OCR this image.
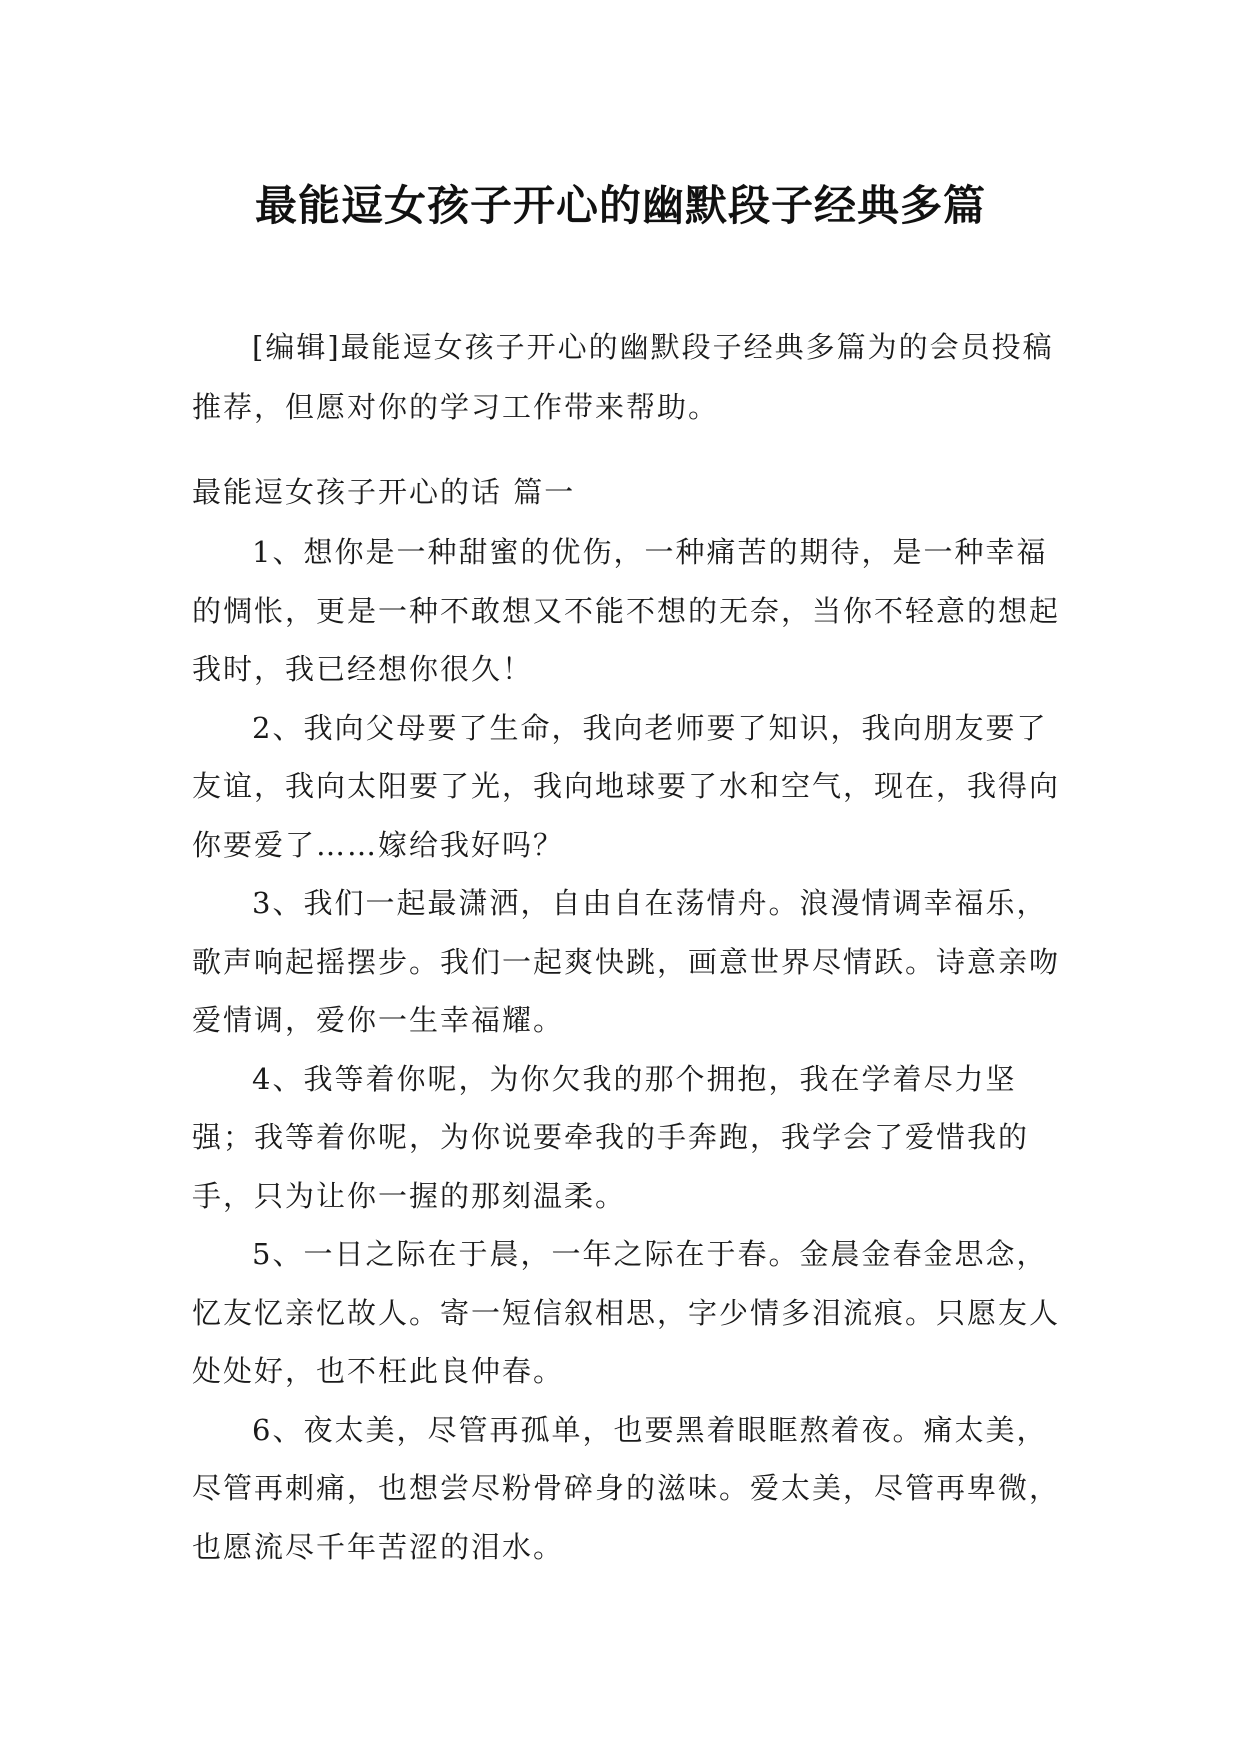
最能逗女孩子开心的幽默段子经典多篇

[编辑]最能逗女孩子开心的幽默段子经典多篇为的会员投稿推荐，但愿对你的学习工作带来帮助。

最能逗女孩子开心的话 篇一
1、想你是一种甜蜜的优伤，一种痛苦的期待，是一种幸福的惆怅，更是一种不敢想又不能不想的无奈，当你不轻意的想起我时，我已经想你很久！
2、我向父母要了生命，我向老师要了知识，我向朋友要了友谊，我向太阳要了光，我向地球要了水和空气，现在，我得向你要爱了……嫁给我好吗？
3、我们一起最潇洒，自由自在荡情舟。浪漫情调幸福乐，歌声响起摇摆步。我们一起爽快跳，画意世界尽情跃。诗意亲吻爱情调，爱你一生幸福耀。
4、我等着你呢，为你欠我的那个拥抱，我在学着尽力坚强；我等着你呢，为你说要牵我的手奔跑，我学会了爱惜我的手，只为让你一握的那刻温柔。
5、一日之际在于晨，一年之际在于春。金晨金春金思念，忆友忆亲忆故人。寄一短信叙相思，字少情多泪流痕。只愿友人处处好，也不枉此良仲春。
6、夜太美，尽管再孤单，也要黑着眼眶熬着夜。痛太美，尽管再刺痛，也想尝尽粉骨碎身的滋味。爱太美，尽管再卑微，也愿流尽千年苦涩的泪水。
